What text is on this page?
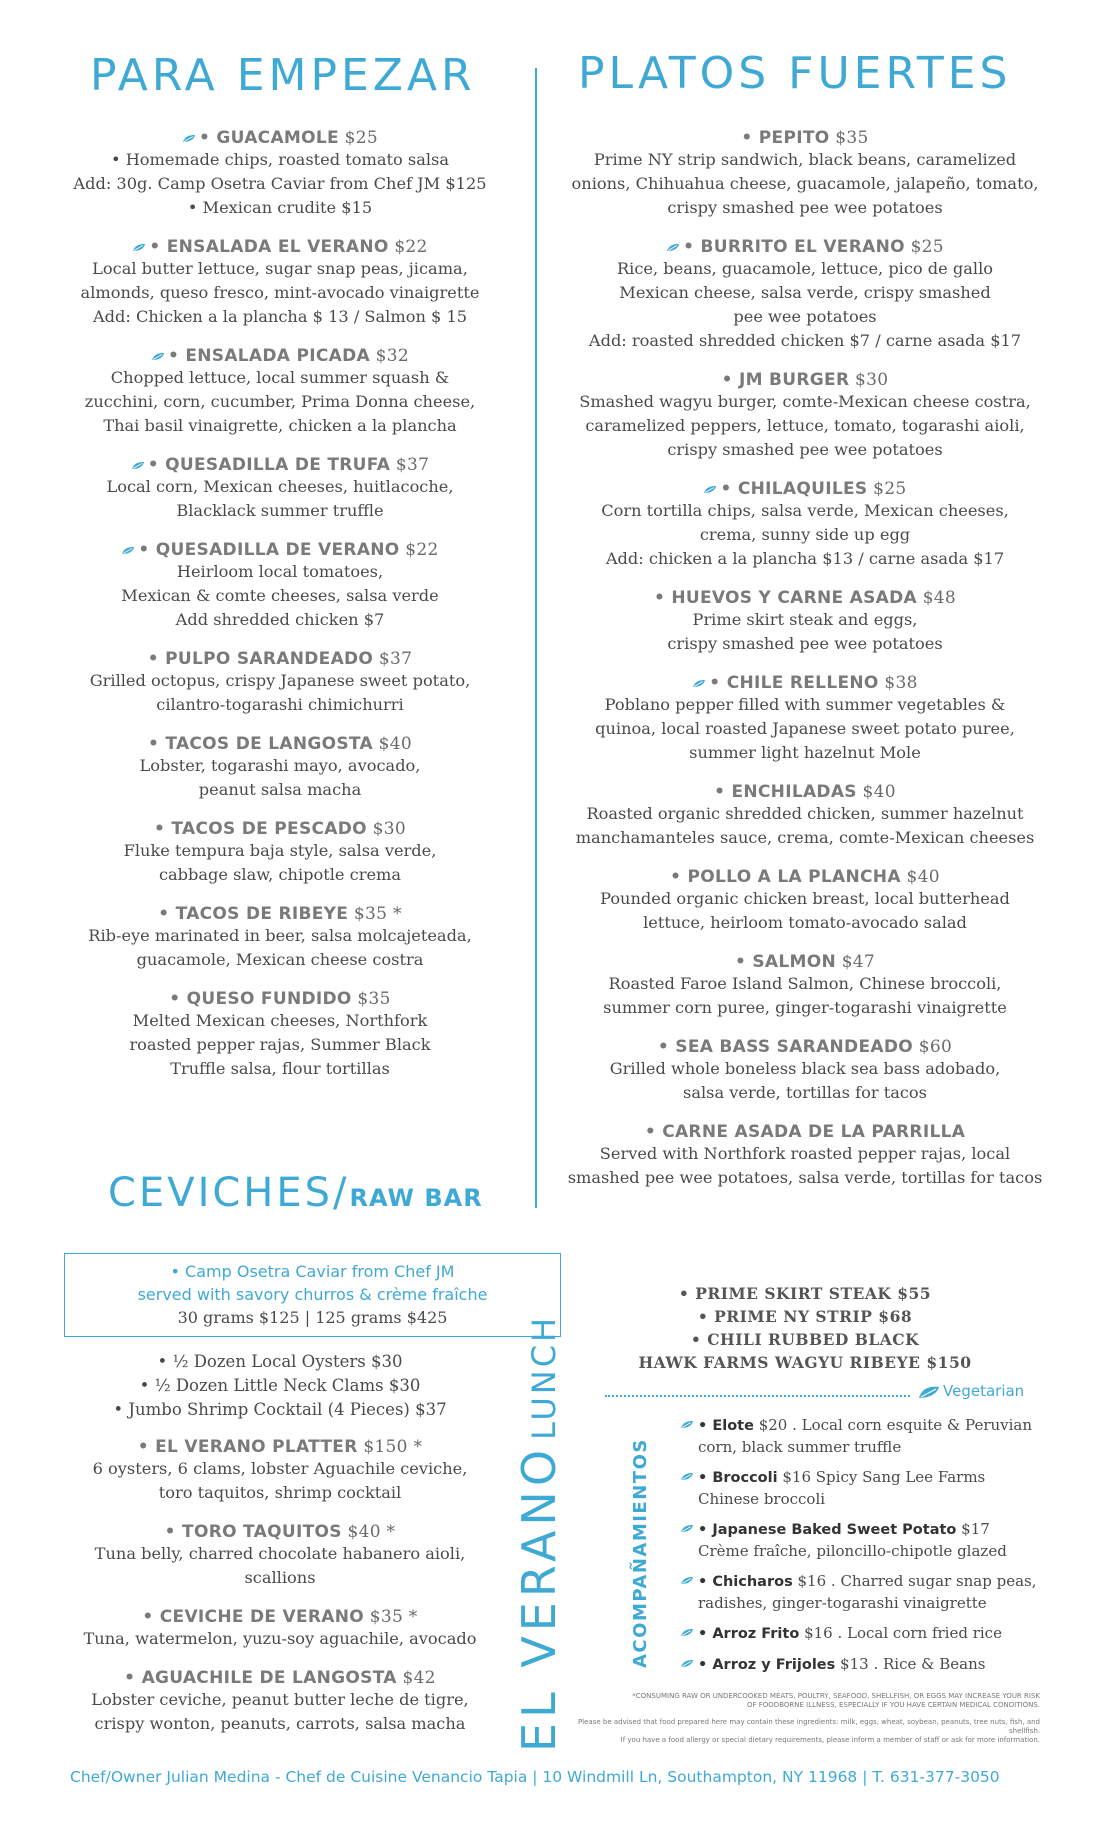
PARA EMPEZAR PLATOS FUERTES
• GUACAMOLE $25
• Homemade chips, roasted tomato salsa
Add: 30g. Camp Osetra Caviar from Chef JM $125
• Mexican crudite $15
• ENSALADA EL VERANO $22
Local butter lettuce, sugar snap peas, jicama,
almonds, queso fresco, mint-avocado vinaigrette
Add: Chicken a la plancha $ 13 / Salmon $ 15
• ENSALADA PICADA $32
Chopped lettuce, local summer squash &
zucchini, corn, cucumber, Prima Donna cheese,
Thai basil vinaigrette, chicken a la plancha
• QUESADILLA DE TRUFA $37
Local corn, Mexican cheeses, huitlacoche,
Blacklack summer truffle
• QUESADILLA DE VERANO $22
Heirloom local tomatoes,
Mexican & comte cheeses, salsa verde
Add shredded chicken $7
• PULPO SARANDEADO $37
Grilled octopus, crispy Japanese sweet potato,
cilantro-togarashi chimichurri
• TACOS DE LANGOSTA $40
Lobster, togarashi mayo, avocado,
peanut salsa macha
• TACOS DE PESCADO $30
Fluke tempura baja style, salsa verde,
cabbage slaw, chipotle crema
• TACOS DE RIBEYE $35 *
Rib-eye marinated in beer, salsa molcajeteada,
guacamole, Mexican cheese costra
• QUESO FUNDIDO $35
Melted Mexican cheeses, Northfork
roasted pepper rajas, Summer Black
Truffle salsa, flour tortillas
CEVICHES/RAW BAR
• Camp Osetra Caviar from Chef JM
served with savory churros & crème fraîche
30 grams $125 | 125 grams $425
• ½ Dozen Local Oysters $30
• ½ Dozen Little Neck Clams $30
• Jumbo Shrimp Cocktail (4 Pieces) $37
• EL VERANO PLATTER $150 *
6 oysters, 6 clams, lobster Aguachile ceviche,
toro taquitos, shrimp cocktail
• TORO TAQUITOS $40 *
Tuna belly, charred chocolate habanero aioli,
scallions
• CEVICHE DE VERANO $35 *
Tuna, watermelon, yuzu-soy aguachile, avocado
• AGUACHILE DE LANGOSTA $42
Lobster ceviche, peanut butter leche de tigre,
crispy wonton, peanuts, carrots, salsa macha
• PEPITO $35
Prime NY strip sandwich, black beans, caramelized
onions, Chihuahua cheese, guacamole, jalapeño, tomato,
crispy smashed pee wee potatoes
• BURRITO EL VERANO $25
Rice, beans, guacamole, lettuce, pico de gallo
Mexican cheese, salsa verde, crispy smashed
pee wee potatoes
Add: roasted shredded chicken $7 / carne asada $17
• JM BURGER $30
Smashed wagyu burger, comte-Mexican cheese costra,
caramelized peppers, lettuce, tomato, togarashi aioli,
crispy smashed pee wee potatoes
• CHILAQUILES $25
Corn tortilla chips, salsa verde, Mexican cheeses,
crema, sunny side up egg
Add: chicken a la plancha $13 / carne asada $17
• HUEVOS Y CARNE ASADA $48
Prime skirt steak and eggs,
crispy smashed pee wee potatoes
• CHILE RELLENO $38
Poblano pepper filled with summer vegetables &
quinoa, local roasted Japanese sweet potato puree,
summer light hazelnut Mole
• ENCHILADAS $40
Roasted organic shredded chicken, summer hazelnut
manchamanteles sauce, crema, comte-Mexican cheeses
• POLLO A LA PLANCHA $40
Pounded organic chicken breast, local butterhead
lettuce, heirloom tomato-avocado salad
• SALMON $47
Roasted Faroe Island Salmon, Chinese broccoli,
summer corn puree, ginger-togarashi vinaigrette
• SEA BASS SARANDEADO $60
Grilled whole boneless black sea bass adobado,
salsa verde, tortillas for tacos
• CARNE ASADA DE LA PARRILLA
Served with Northfork roasted pepper rajas, local
smashed pee wee potatoes, salsa verde, tortillas for tacos
• PRIME SKIRT STEAK $55
• PRIME NY STRIP $68
• CHILI RUBBED BLACK
HAWK FARMS WAGYU RIBEYE $150
EL VERANO LUNCH	Vegetarian
ACOMPAÑAMIENTOS
• Elote $20 . Local corn esquite & Peruvian corn, black summer truffle
• Broccoli $16 Spicy Sang Lee Farms Chinese broccoli
• Japanese Baked Sweet Potato $17 Crème fraîche, piloncillo-chipotle glazed
• Chicharos $16 . Charred sugar snap peas, radishes, ginger-togarashi vinaigrette
• Arroz Frito $16 . Local corn fried rice
• Arroz y Frijoles $13 . Rice & Beans
*CONSUMING RAW OR UNDERCOOKED MEATS, POULTRY, SEAFOOD, SHELLFISH, OR EGGS MAY INCREASE YOUR RISK
OF FOODBORNE ILLNESS, ESPECIALLY IF YOU HAVE CERTAIN MEDICAL CONDITIONS.
Please be advised that food prepared here may contain these ingredients: milk, eggs, wheat, soybean, peanuts, tree nuts, fish, and shellfish.
If you have a food allergy or special dietary requirements, please inform a member of staff or ask for more information.
Chef/Owner Julian Medina - Chef de Cuisine Venancio Tapia | 10 Windmill Ln, Southampton, NY 11968 | T. 631-377-3050
